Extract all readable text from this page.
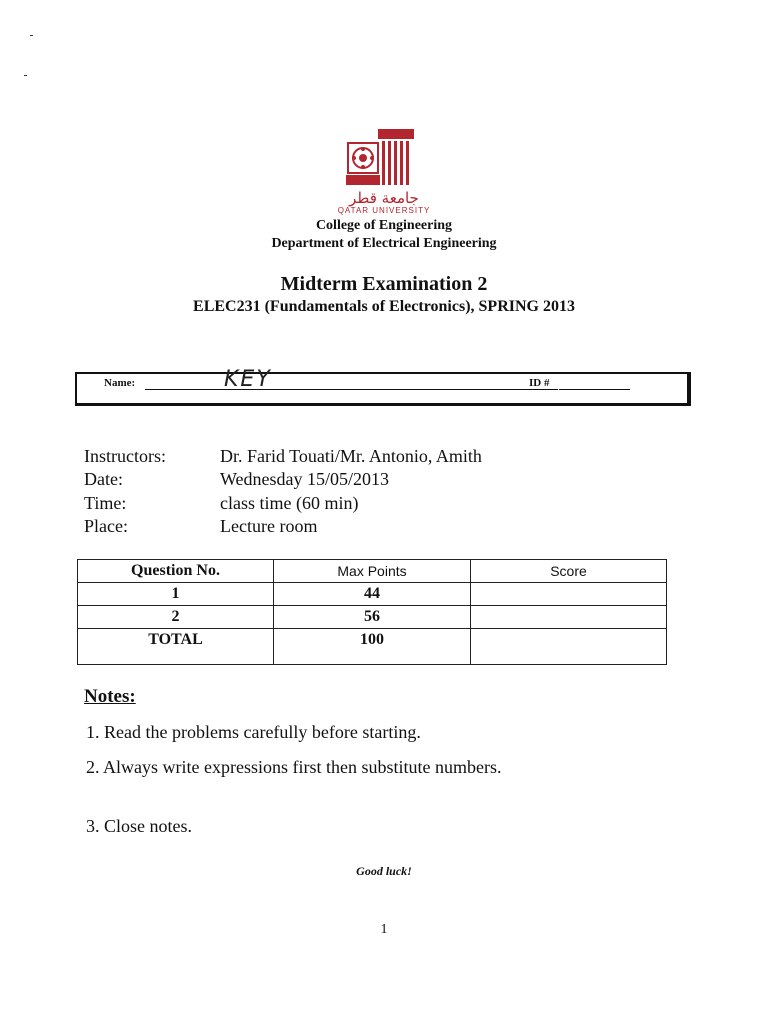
جامعة قطر
QATAR UNIVERSITY
College of Engineering
Department of Electrical Engineering
Midterm Examination 2
ELEC231 (Fundamentals of Electronics), SPRING 2013
Name:	KEY	ID #
Instructors:	Dr. Farid Touati/Mr. Antonio, Amith
Date:	Wednesday 15/05/2013
Time:	class time (60 min)
Place:	Lecture room
Question No.	Max Points	Score
1	44	
2	56	
TOTAL	100	
Notes:
1. Read the problems carefully before starting.
2. Always write expressions first then substitute numbers.
3. Close notes.
Good luck!
1
